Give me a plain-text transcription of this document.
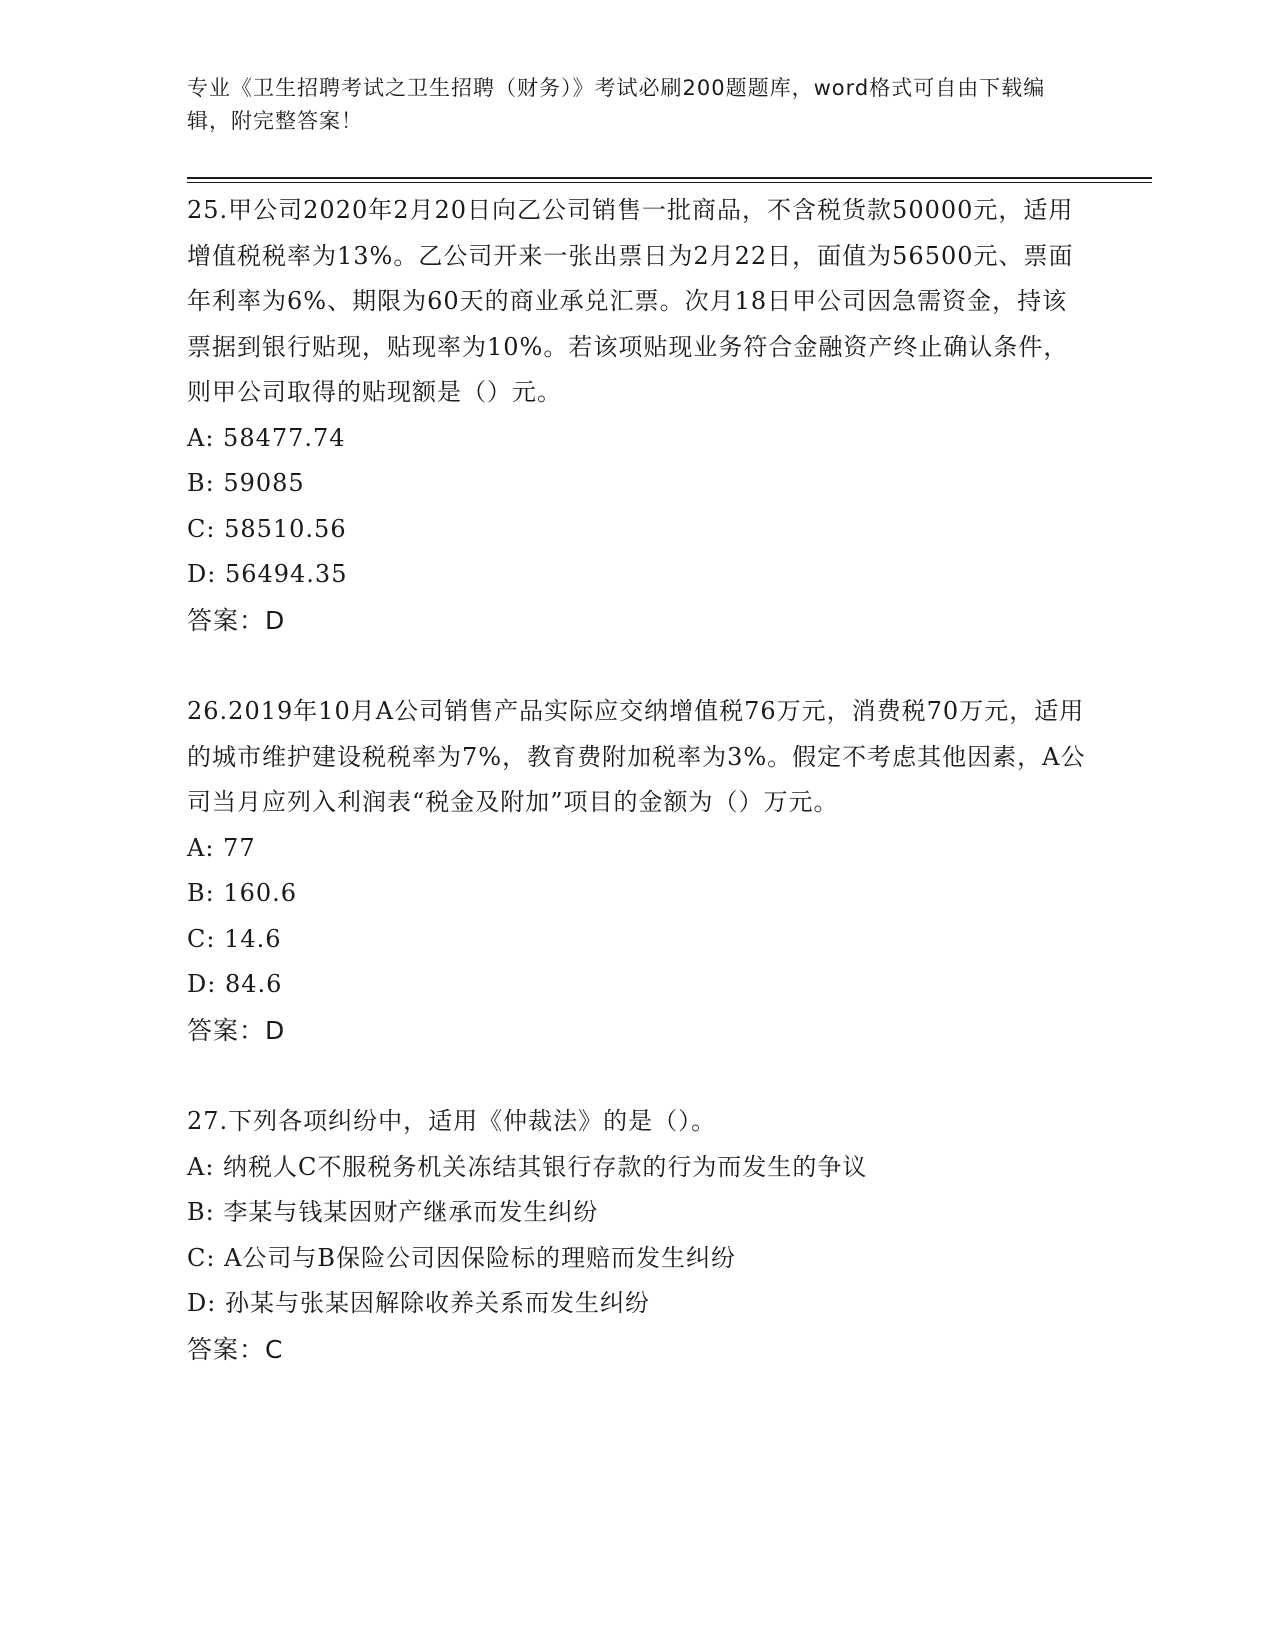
专业《卫生招聘考试之卫生招聘（财务）》考试必刷200题题库，word格式可自由下载编辑，附完整答案！

25.甲公司2020年2月20日向乙公司销售一批商品，不含税货款50000元，适用增值税税率为13%。乙公司开来一张出票日为2月22日，面值为56500元、票面年利率为6%、期限为60天的商业承兑汇票。次月18日甲公司因急需资金，持该票据到银行贴现，贴现率为10%。若该项贴现业务符合金融资产终止确认条件，则甲公司取得的贴现额是（）元。

A: 58477.74

B: 59085

C: 58510.56

D: 56494.35

答案：D

26.2019年10月A公司销售产品实际应交纳增值税76万元，消费税70万元，适用的城市维护建设税税率为7%，教育费附加税率为3%。假定不考虑其他因素，A公司当月应列入利润表“税金及附加”项目的金额为（）万元。

A: 77

B: 160.6

C: 14.6

D: 84.6

答案：D

27.下列各项纠纷中，适用《仲裁法》的是（）。

A: 纳税人C不服税务机关冻结其银行存款的行为而发生的争议

B: 李某与钱某因财产继承而发生纠纷

C: A公司与B保险公司因保险标的理赔而发生纠纷

D: 孙某与张某因解除收养关系而发生纠纷

答案：C
